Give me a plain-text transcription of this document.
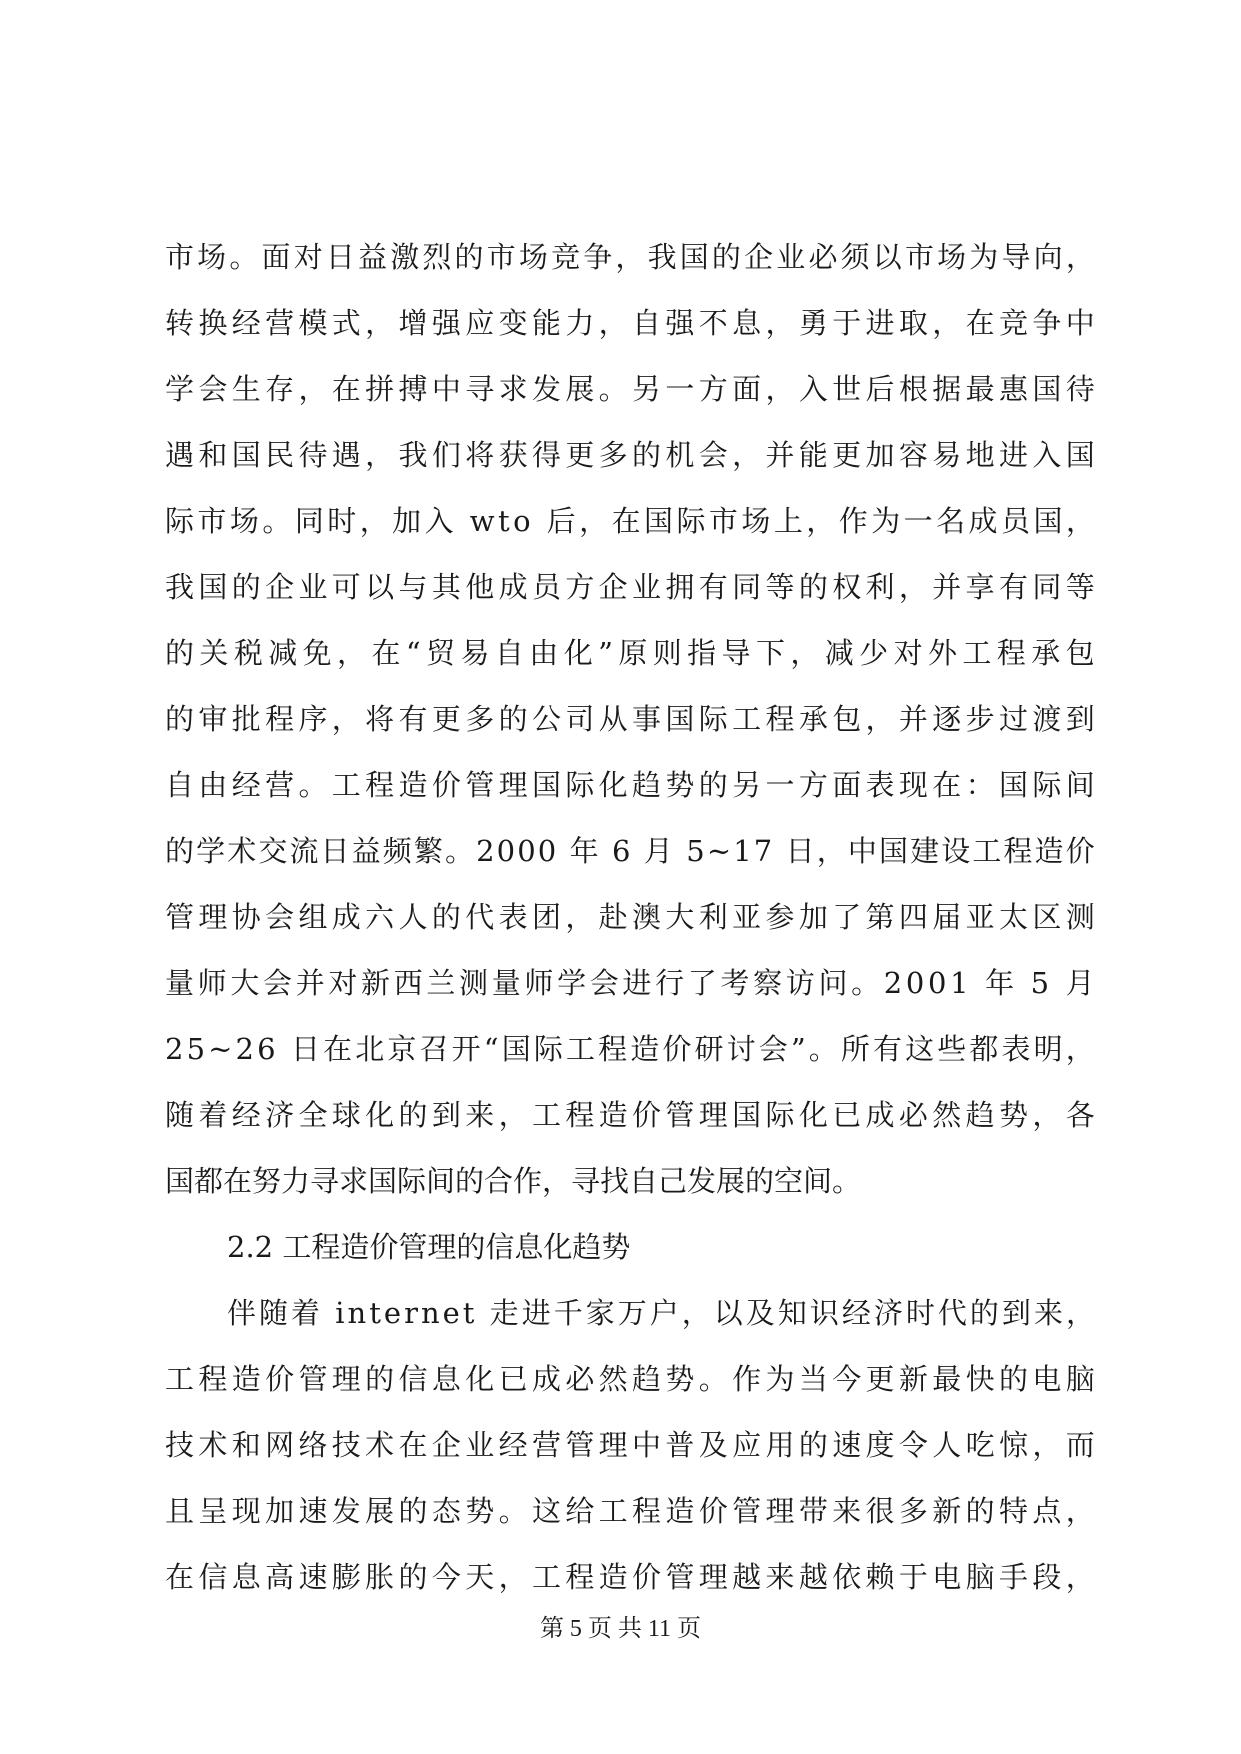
市 场 。 面 对 日 益 激 烈 的 市 场 竞 争 ， 我 国 的 企 业 必 须 以 市 场 为 导 向 ，
转 换 经 营 模 式 ， 增 强 应 变 能 力 ， 自 强 不 息 ， 勇 于 进 取 ， 在 竞 争 中
学 会 生 存 ， 在 拼 搏 中 寻 求 发 展 。 另 一 方 面 ， 入 世 后 根 据 最 惠 国 待
遇 和 国 民 待 遇 ， 我 们 将 获 得 更 多 的 机 会 ， 并 能 更 加 容 易 地 进 入 国
际 市 场 。 同 时 ， 加 入
w t o
后 ， 在 国 际 市 场 上 ， 作 为 一 名 成 员 国 ，
我 国 的 企 业 可 以 与 其 他 成 员 方 企 业 拥 有 同 等 的 权 利 ， 并 享 有 同 等
的 关 税 减 免 ， 在 “ 贸 易 自 由 化 ” 原 则 指 导 下 ， 减 少 对 外 工 程 承 包
的 审 批 程 序 ， 将 有 更 多 的 公 司 从 事 国 际 工 程 承 包 ， 并 逐 步 过 渡 到
自 由 经 营 。 工 程 造 价 管 理 国 际 化 趋 势 的 另 一 方 面 表 现 在 ： 国 际 间
的 学 术 交 流 日 益 频 繁 。 2 0 0 0
年
6
月
5 ~ 1 7
日 ， 中 国 建 设 工 程 造 价
管 理 协 会 组 成 六 人 的 代 表 团 ， 赴 澳 大 利 亚 参 加 了 第 四 届 亚 太 区 测
量 师 大 会 并 对 新 西 兰 测 量 师 学 会 进 行 了 考 察 访 问 。 2 0 0 1
年
5
月
2 5 ~ 2 6
日 在 北 京 召 开 “ 国 际 工 程 造 价 研 讨 会 ” 。 所 有 这 些 都 表 明 ，
随 着 经 济 全 球 化 的 到 来 ， 工 程 造 价 管 理 国 际 化 已 成 必 然 趋 势 ， 各
国都在努力寻求国际间的合作，寻找自己发展的空间。
2.2 工程造价管理的信息化趋势
伴 随 着
i n t e r n e t
走 进 千 家 万 户 ， 以 及 知 识 经 济 时 代 的 到 来 ，
工 程 造 价 管 理 的 信 息 化 已 成 必 然 趋 势 。 作 为 当 今 更 新 最 快 的 电 脑
技 术 和 网 络 技 术 在 企 业 经 营 管 理 中 普 及 应 用 的 速 度 令 人 吃 惊 ， 而
且 呈 现 加 速 发 展 的 态 势 。 这 给 工 程 造 价 管 理 带 来 很 多 新 的 特 点 ，
在 信 息 高 速 膨 胀 的 今 天 ， 工 程 造 价 管 理 越 来 越 依 赖 于 电 脑 手 段 ，
第 5 页 共 11 页
